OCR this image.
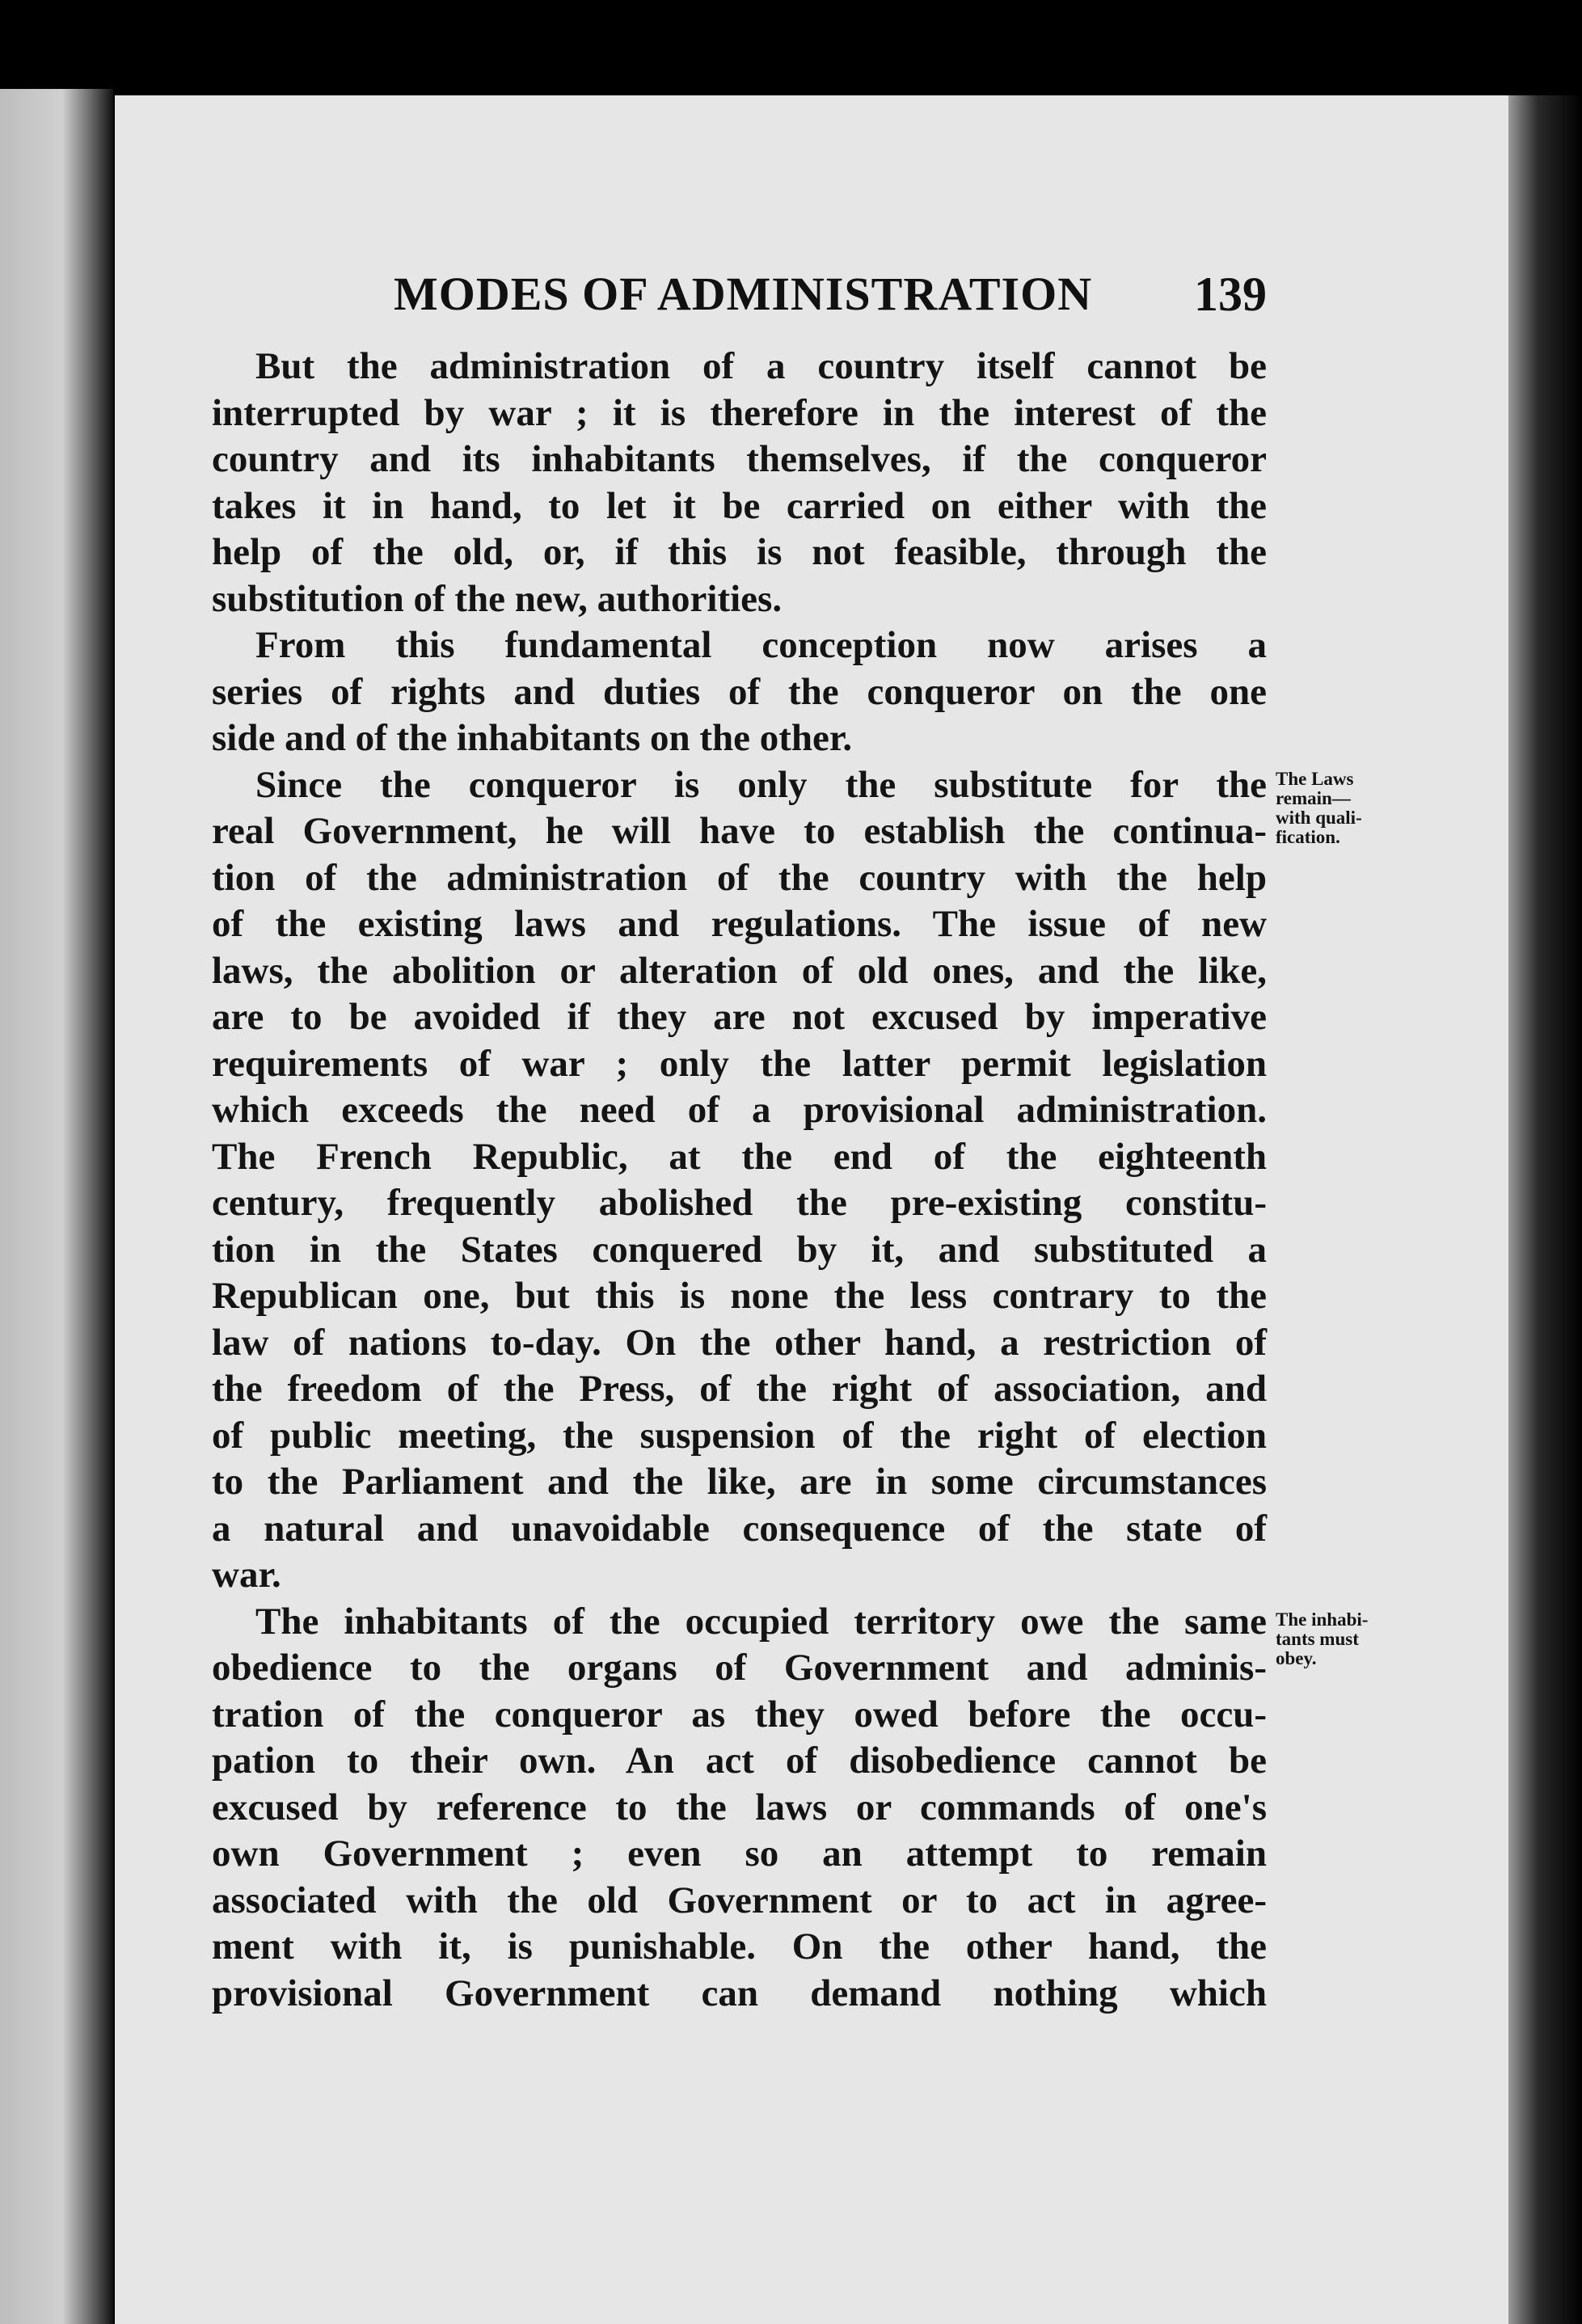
MODES OF ADMINISTRATION 139
But the administration of a country itself cannot be
interrupted by war ; it is therefore in the interest of the
country and its inhabitants themselves, if the conqueror
takes it in hand, to let it be carried on either with the
help of the old, or, if this is not feasible, through the
substitution of the new, authorities.
From this fundamental conception now arises a
series of rights and duties of the conqueror on the one
side and of the inhabitants on the other.
Since the conqueror is only the substitute for the
real Government, he will have to establish the continua-
tion of the administration of the country with the help
of the existing laws and regulations. The issue of new
laws, the abolition or alteration of old ones, and the like,
are to be avoided if they are not excused by imperative
requirements of war ; only the latter permit legislation
which exceeds the need of a provisional administration.
The French Republic, at the end of the eighteenth
century, frequently abolished the pre-existing constitu-
tion in the States conquered by it, and substituted a
Republican one, but this is none the less contrary to the
law of nations to-day. On the other hand, a restriction of
the freedom of the Press, of the right of association, and
of public meeting, the suspension of the right of election
to the Parliament and the like, are in some circumstances
a natural and unavoidable consequence of the state of
war.
The inhabitants of the occupied territory owe the same
obedience to the organs of Government and adminis-
tration of the conqueror as they owed before the occu-
pation to their own. An act of disobedience cannot be
excused by reference to the laws or commands of one's
own Government ; even so an attempt to remain
associated with the old Government or to act in agree-
ment with it, is punishable. On the other hand, the
provisional Government can demand nothing which
The Laws
remain—
with quali-
fication.
The inhabi-
tants must
obey.
